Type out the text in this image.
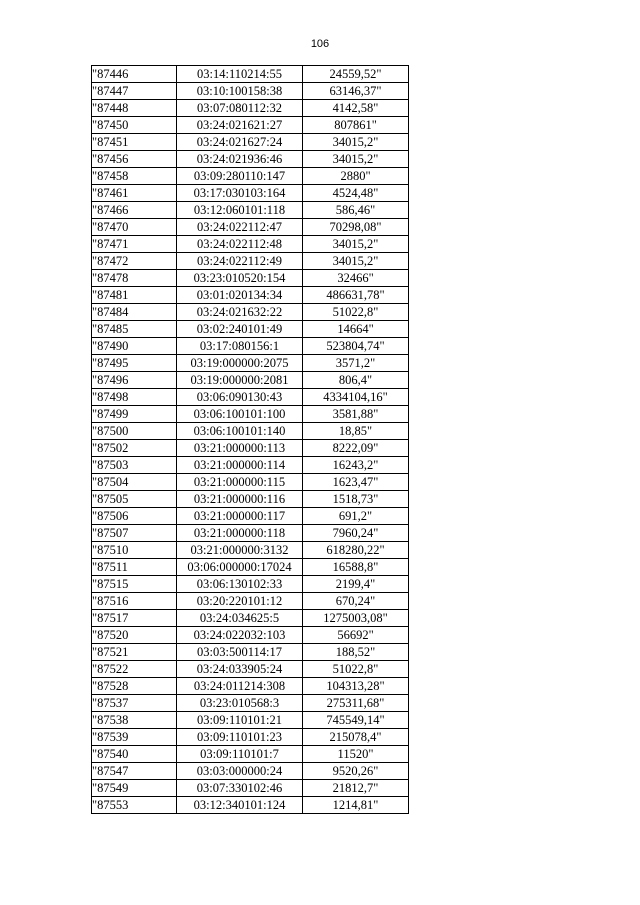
106
"87446	03:14:110214:55	24559,52"
"87447	03:10:100158:38	63146,37"
"87448	03:07:080112:32	4142,58"
"87450	03:24:021621:27	807861"
"87451	03:24:021627:24	34015,2"
"87456	03:24:021936:46	34015,2"
"87458	03:09:280110:147	2880"
"87461	03:17:030103:164	4524,48"
"87466	03:12:060101:118	586,46"
"87470	03:24:022112:47	70298,08"
"87471	03:24:022112:48	34015,2"
"87472	03:24:022112:49	34015,2"
"87478	03:23:010520:154	32466"
"87481	03:01:020134:34	486631,78"
"87484	03:24:021632:22	51022,8"
"87485	03:02:240101:49	14664"
"87490	03:17:080156:1	523804,74"
"87495	03:19:000000:2075	3571,2"
"87496	03:19:000000:2081	806,4"
"87498	03:06:090130:43	4334104,16"
"87499	03:06:100101:100	3581,88"
"87500	03:06:100101:140	18,85"
"87502	03:21:000000:113	8222,09"
"87503	03:21:000000:114	16243,2"
"87504	03:21:000000:115	1623,47"
"87505	03:21:000000:116	1518,73"
"87506	03:21:000000:117	691,2"
"87507	03:21:000000:118	7960,24"
"87510	03:21:000000:3132	618280,22"
"87511	03:06:000000:17024	16588,8"
"87515	03:06:130102:33	2199,4"
"87516	03:20:220101:12	670,24"
"87517	03:24:034625:5	1275003,08"
"87520	03:24:022032:103	56692"
"87521	03:03:500114:17	188,52"
"87522	03:24:033905:24	51022,8"
"87528	03:24:011214:308	104313,28"
"87537	03:23:010568:3	275311,68"
"87538	03:09:110101:21	745549,14"
"87539	03:09:110101:23	215078,4"
"87540	03:09:110101:7	11520"
"87547	03:03:000000:24	9520,26"
"87549	03:07:330102:46	21812,7"
"87553	03:12:340101:124	1214,81"
